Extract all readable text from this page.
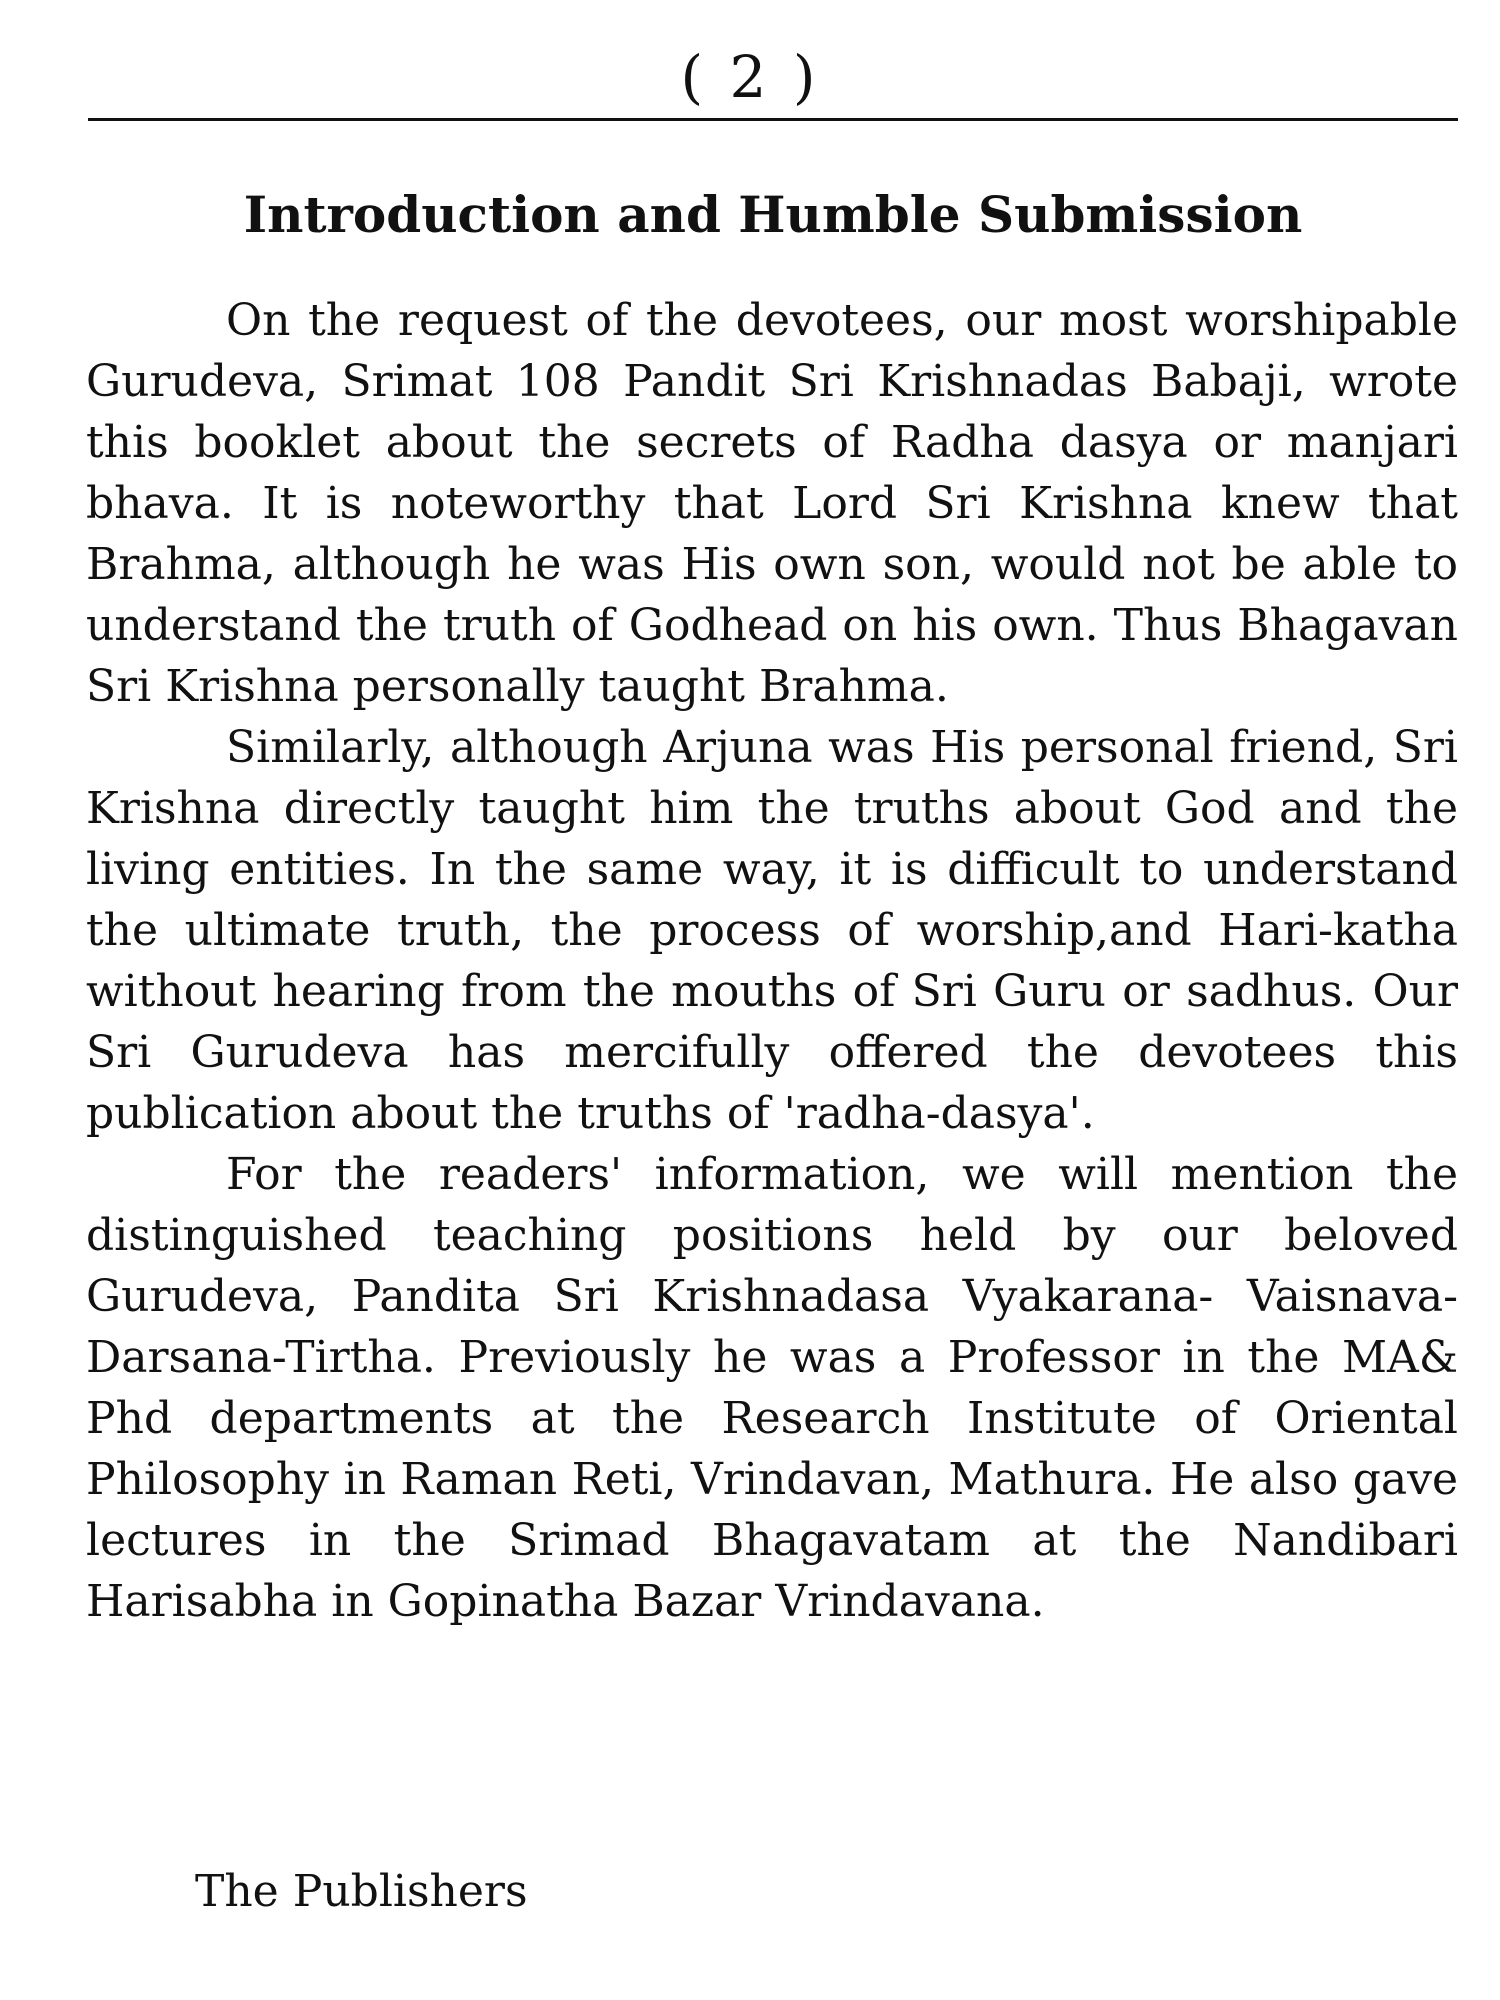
( 2 )
Introduction and Humble Submission

On the request of the devotees, our most worshipable Gurudeva, Srimat 108 Pandit Sri Krishnadas Babaji, wrote this booklet about the secrets of Radha dasya or manjari bhava. It is noteworthy that Lord Sri Krishna knew that Brahma, although he was His own son, would not be able to understand the truth of Godhead on his own. Thus Bhagavan Sri Krishna personally taught Brahma.

Similarly, although Arjuna was His personal friend, Sri Krishna directly taught him the truths about God and the living entities. In the same way, it is difficult to understand the ultimate truth, the process of worship,and Hari-katha without hearing from the mouths of Sri Guru or sadhus. Our Sri Gurudeva has mercifully offered the devotees this publication about the truths of 'radha-dasya'.

For the readers' information, we will mention the distinguished teaching positions held by our beloved Gurudeva, Pandita Sri Krishnadasa Vyakarana- Vaisnava-Darsana-Tirtha. Previously he was a Professor in the MA& Phd departments at the Research Institute of Oriental Philosophy in Raman Reti, Vrindavan, Mathura. He also gave lectures in the Srimad Bhagavatam at the Nandibari Harisabha in Gopinatha Bazar Vrindavana.

The Publishers
